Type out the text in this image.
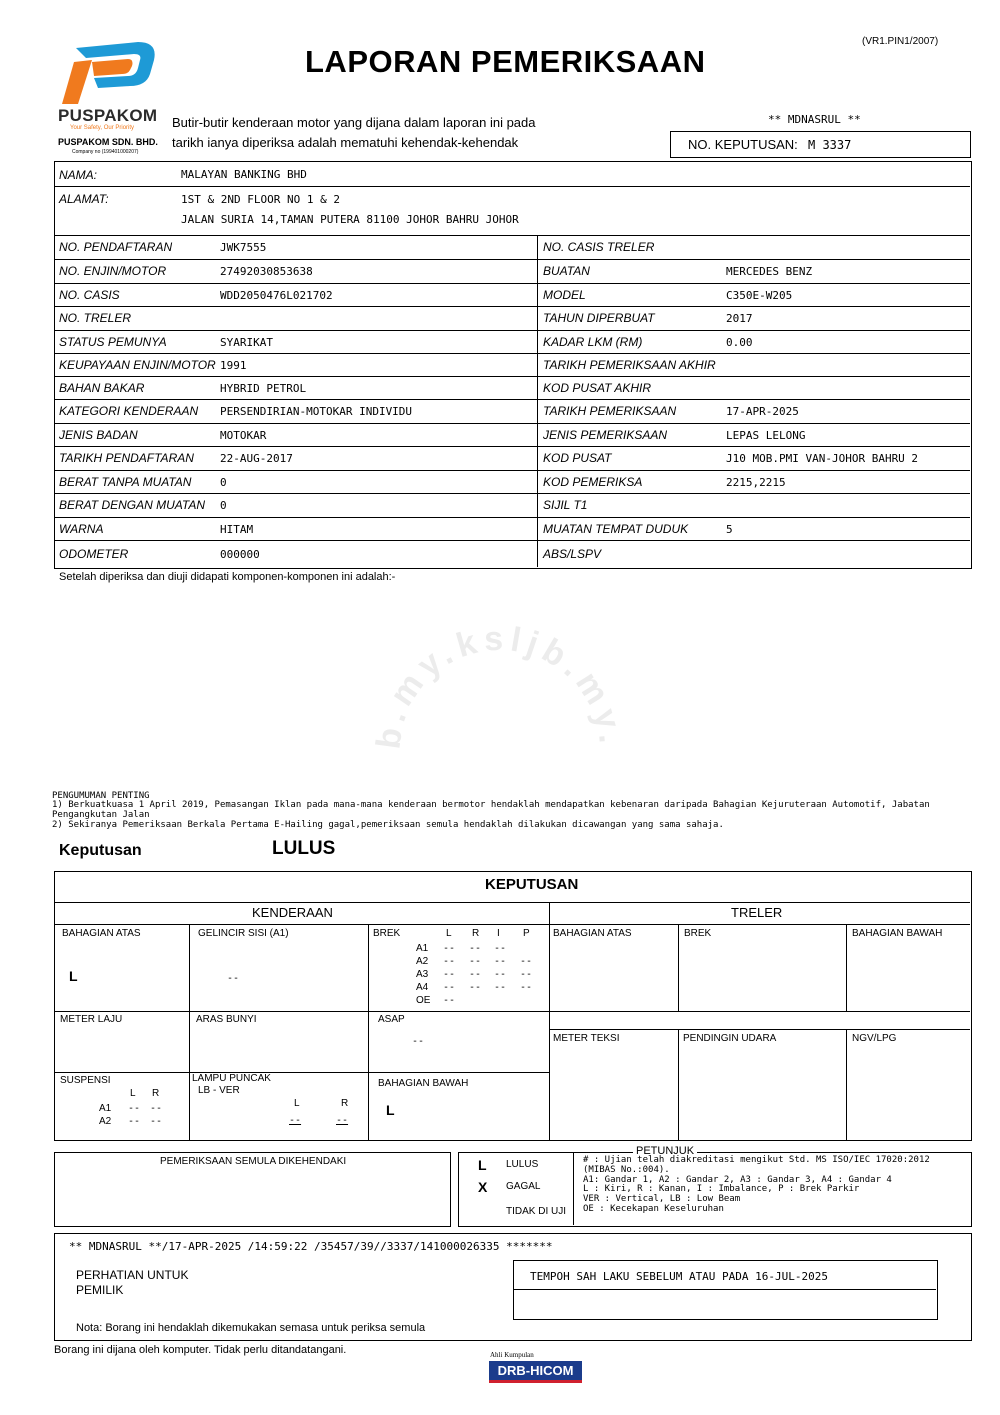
(VR1.PIN1/2007)
LAPORAN PEMERIKSAAN
PUSPAKOM
Your Safety, Our Priority
PUSPAKOM SDN. BHD.
Company no (199401000207)
Butir-butir kenderaan motor yang dijana dalam laporan ini pada
tarikh ianya diperiksa adalah mematuhi kehendak-kehendak
** MDNASRUL **
NO. KEPUTUSAN: M 3337
NAMA:	MALAYAN BANKING BHD
ALAMAT:	1ST & 2ND FLOOR NO 1 & 2
JALAN SURIA 14,TAMAN PUTERA 81100 JOHOR BAHRU JOHOR
NO. PENDAFTARAN	JWK7555	NO. CASIS TRELER
NO. ENJIN/MOTOR	27492030853638	BUATAN	MERCEDES BENZ
NO. CASIS	WDD2050476L021702	MODEL	C350E-W205
NO. TRELER	TAHUN DIPERBUAT	2017
STATUS PEMUNYA	SYARIKAT	KADAR LKM (RM)	0.00
KEUPAYAAN ENJIN/MOTOR 1991	TARIKH PEMERIKSAAN AKHIR
BAHAN BAKAR	HYBRID PETROL	KOD PUSAT AKHIR
KATEGORI KENDERAAN PERSENDIRIAN-MOTOKAR INDIVIDU	TARIKH PEMERIKSAAN	17-APR-2025
JENIS BADAN	MOTOKAR	JENIS PEMERIKSAAN	LEPAS LELONG
TARIKH PENDAFTARAN 22-AUG-2017	KOD PUSAT	J10 MOB.PMI VAN-JOHOR BAHRU 2
BERAT TANPA MUATAN	0	KOD PEMERIKSA	2215,2215
BERAT DENGAN MUATAN 0	SIJIL T1
WARNA	HITAM	MUATAN TEMPAT DUDUK	5
ODOMETER	000000	ABS/LSPV
Setelah diperiksa dan diuji didapati komponen-komponen ini adalah:-
b.my.ksljb.my.
PENGUMUMAN PENTING
1) Berkuatkuasa 1 April 2019, Pemasangan Iklan pada mana-mana kenderaan bermotor hendaklah mendapatkan kebenaran daripada Bahagian Kejuruteraan Automotif, Jabatan
Pengangkutan Jalan
2) Sekiranya Pemeriksaan Berkala Pertama E-Hailing gagal,pemeriksaan semula hendaklah dilakukan dicawangan yang sama sahaja.
Keputusan	LULUS
KEPUTUSAN
KENDERAAN	TRELER
BAHAGIAN ATAS
L
GELINCIR SISI (A1)
--
BREK	L R I P
A1 -- -- --
A2 -- -- -- --
A3 -- -- -- --
A4 -- -- -- --
OE --
METER LAJU	ARAS BUNYI	ASAP
--
SUSPENSI
L R
A1 -- --
A2 -- --
LAMPU PUNCAK
LB - VER
L
--
R
--
BAHAGIAN BAWAH
L
BAHAGIAN ATAS	BREK	BAHAGIAN BAWAH
METER TEKSI	PENDINGIN UDARA	NGV/LPG
PEMERIKSAAN SEMULA DIKEHENDAKI
PETUNJUK
L LULUS
X GAGAL
TIDAK DI UJI
# : Ujian telah diakreditasi mengikut Std. MS ISO/IEC 17020:2012
(MIBAS No.:004).
A1: Gandar 1, A2 : Gandar 2, A3 : Gandar 3, A4 : Gandar 4
L : Kiri, R : Kanan, I : Imbalance, P : Brek Parkir
VER : Vertical, LB : Low Beam
OE : Kecekapan Keseluruhan
** MDNASRUL **/17-APR-2025 /14:59:22 /35457/39//3337/141000026335 *******
PERHATIAN UNTUK
PEMILIK
TEMPOH SAH LAKU SEBELUM ATAU PADA 16-JUL-2025
Nota: Borang ini hendaklah dikemukakan semasa untuk periksa semula
Borang ini dijana oleh komputer. Tidak perlu ditandatangani.	Ahli Kumpulan
DRB-HICOM
